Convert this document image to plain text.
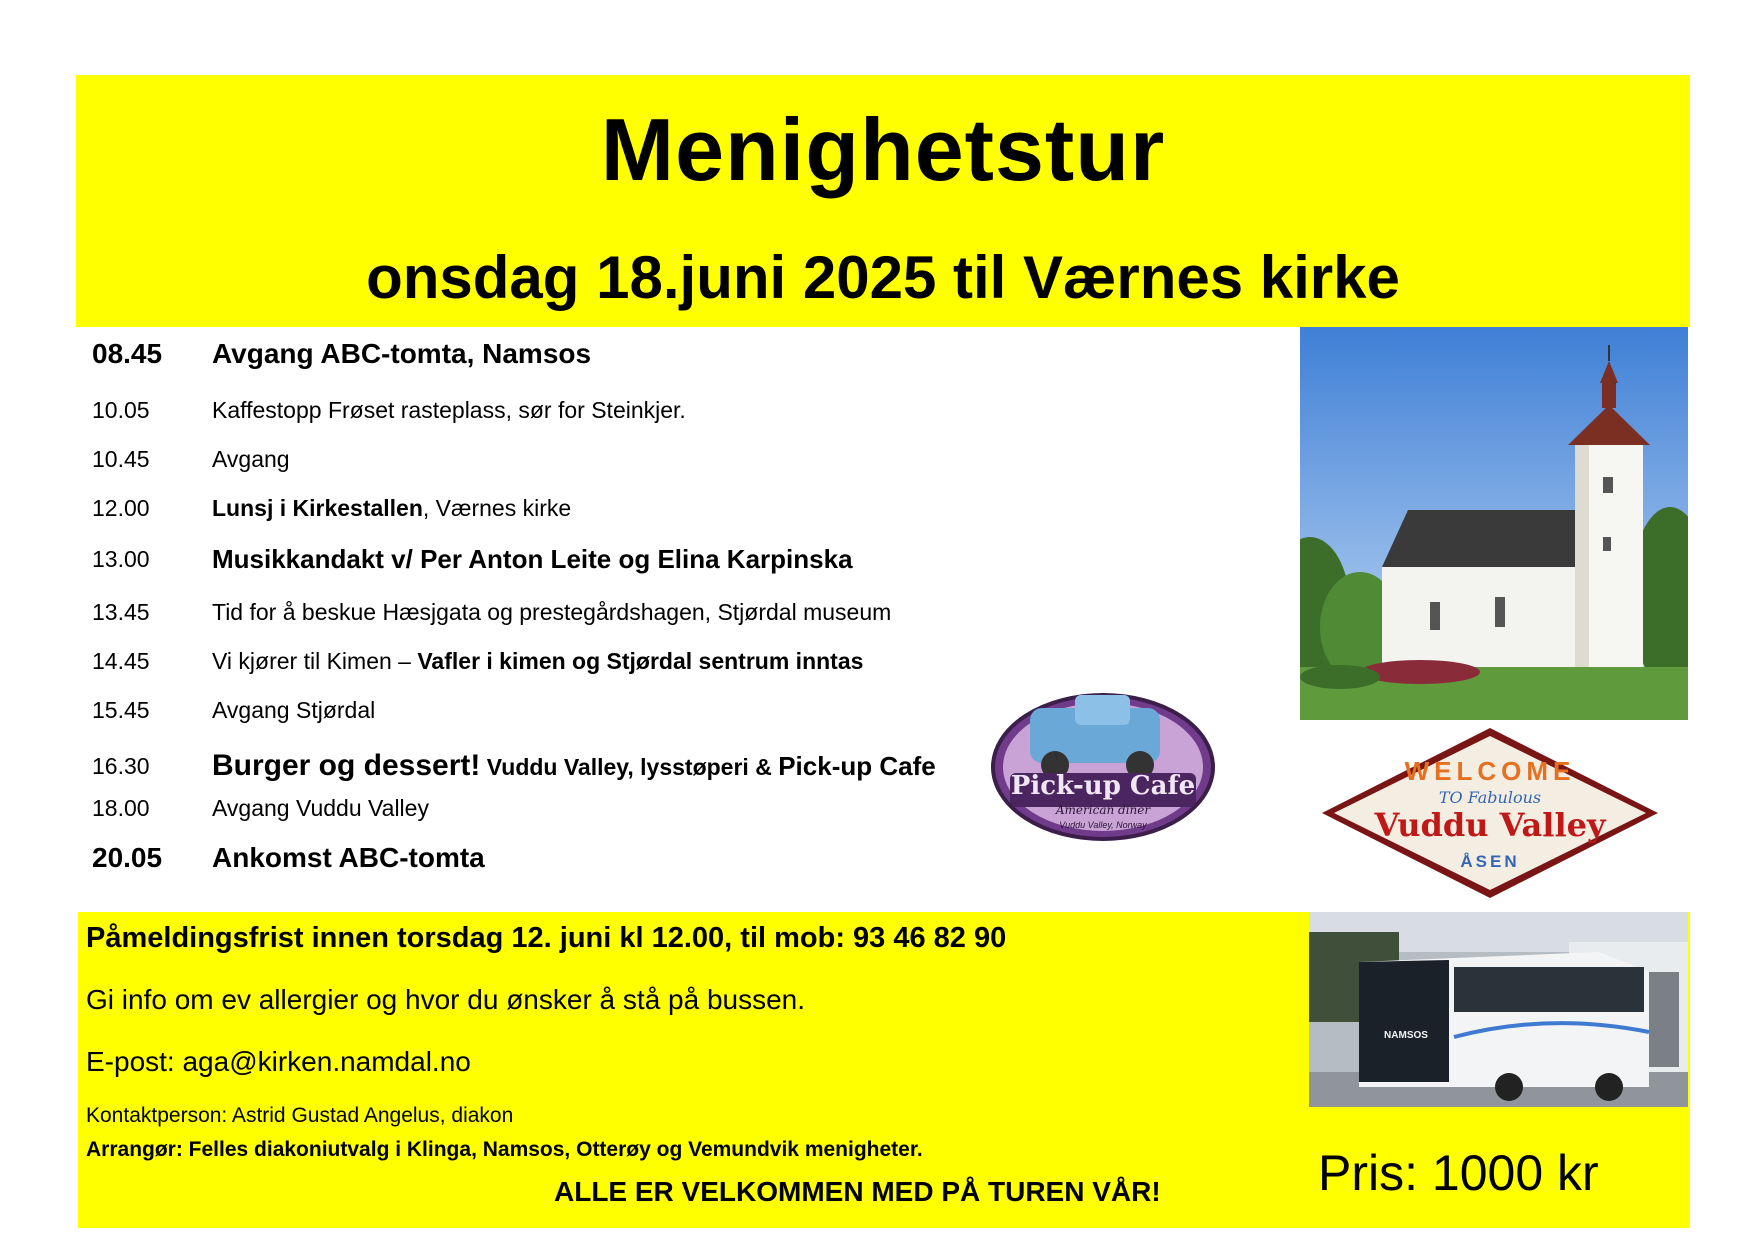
Menighetstur
onsdag 18.juni 2025 til Værnes kirke
08.45	Avgang ABC-tomta, Namsos
10.05	Kaffestopp Frøset rasteplass, sør for Steinkjer.
10.45	Avgang
12.00	Lunsj i Kirkestallen, Værnes kirke
13.00	Musikkandakt v/ Per Anton Leite og Elina Karpinska
13.45	Tid for å beskue Hæsjgata og prestegårdshagen, Stjørdal museum
14.45	Vi kjører til Kimen – Vafler i kimen og Stjørdal sentrum inntas
15.45	Avgang Stjørdal
16.30	Burger og dessert! Vuddu Valley, lysstøperi & Pick-up Cafe
18.00	Avgang Vuddu Valley
20.05	Ankomst ABC-tomta
Pick-up Cafe
American diner
Vuddu Valley, Norway
WELCOME
TO Fabulous
Vuddu Valley
ÅSEN
Påmeldingsfrist innen torsdag 12. juni kl 12.00, til mob: 93 46 82 90
Gi info om ev allergier og hvor du ønsker å stå på bussen.
E-post: aga@kirken.namdal.no
Kontaktperson: Astrid Gustad Angelus, diakon
Arrangør: Felles diakoniutvalg i Klinga, Namsos, Otterøy og Vemundvik menigheter.
ALLE ER VELKOMMEN MED PÅ TUREN VÅR!	Pris: 1000 kr
NAMSOS
